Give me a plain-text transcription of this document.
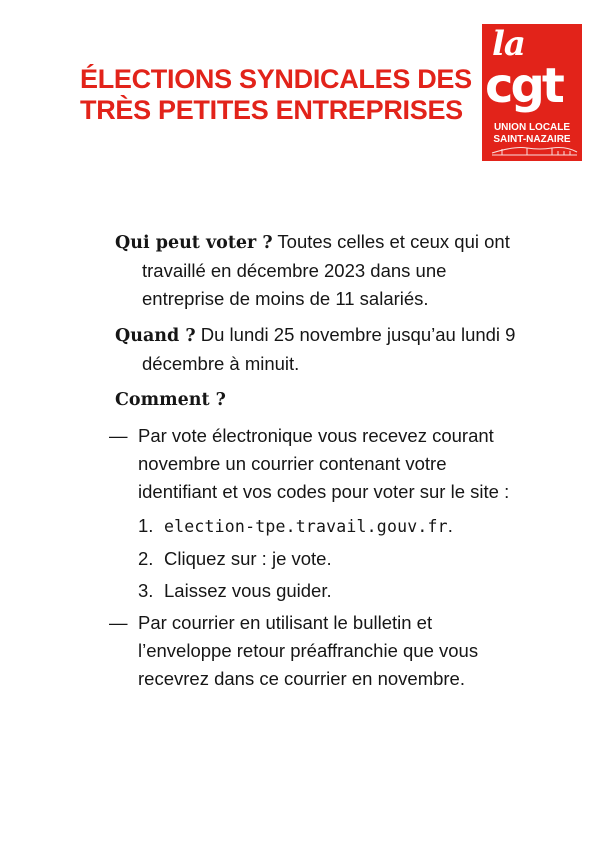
ÉLECTIONS SYNDICALES DES
TRÈS PETITES ENTREPRISES
la
cgt
UNION LOCALE
SAINT-NAZAIRE

Qui peut voter ? Toutes celles et ceux qui ont travaillé en décembre 2023 dans une entreprise de moins de 11 salariés.

Quand ? Du lundi 25 novembre jusqu’au lundi 9 décembre à minuit.

Comment ?

— Par vote électronique vous recevez courant novembre un courrier contenant votre identifiant et vos codes pour voter sur le site :
1. election-tpe.travail.gouv.fr.
2. Cliquez sur : je vote.
3. Laissez vous guider.
— Par courrier en utilisant le bulletin et l’enveloppe retour préaffranchie que vous recevrez dans ce courrier en novembre.
